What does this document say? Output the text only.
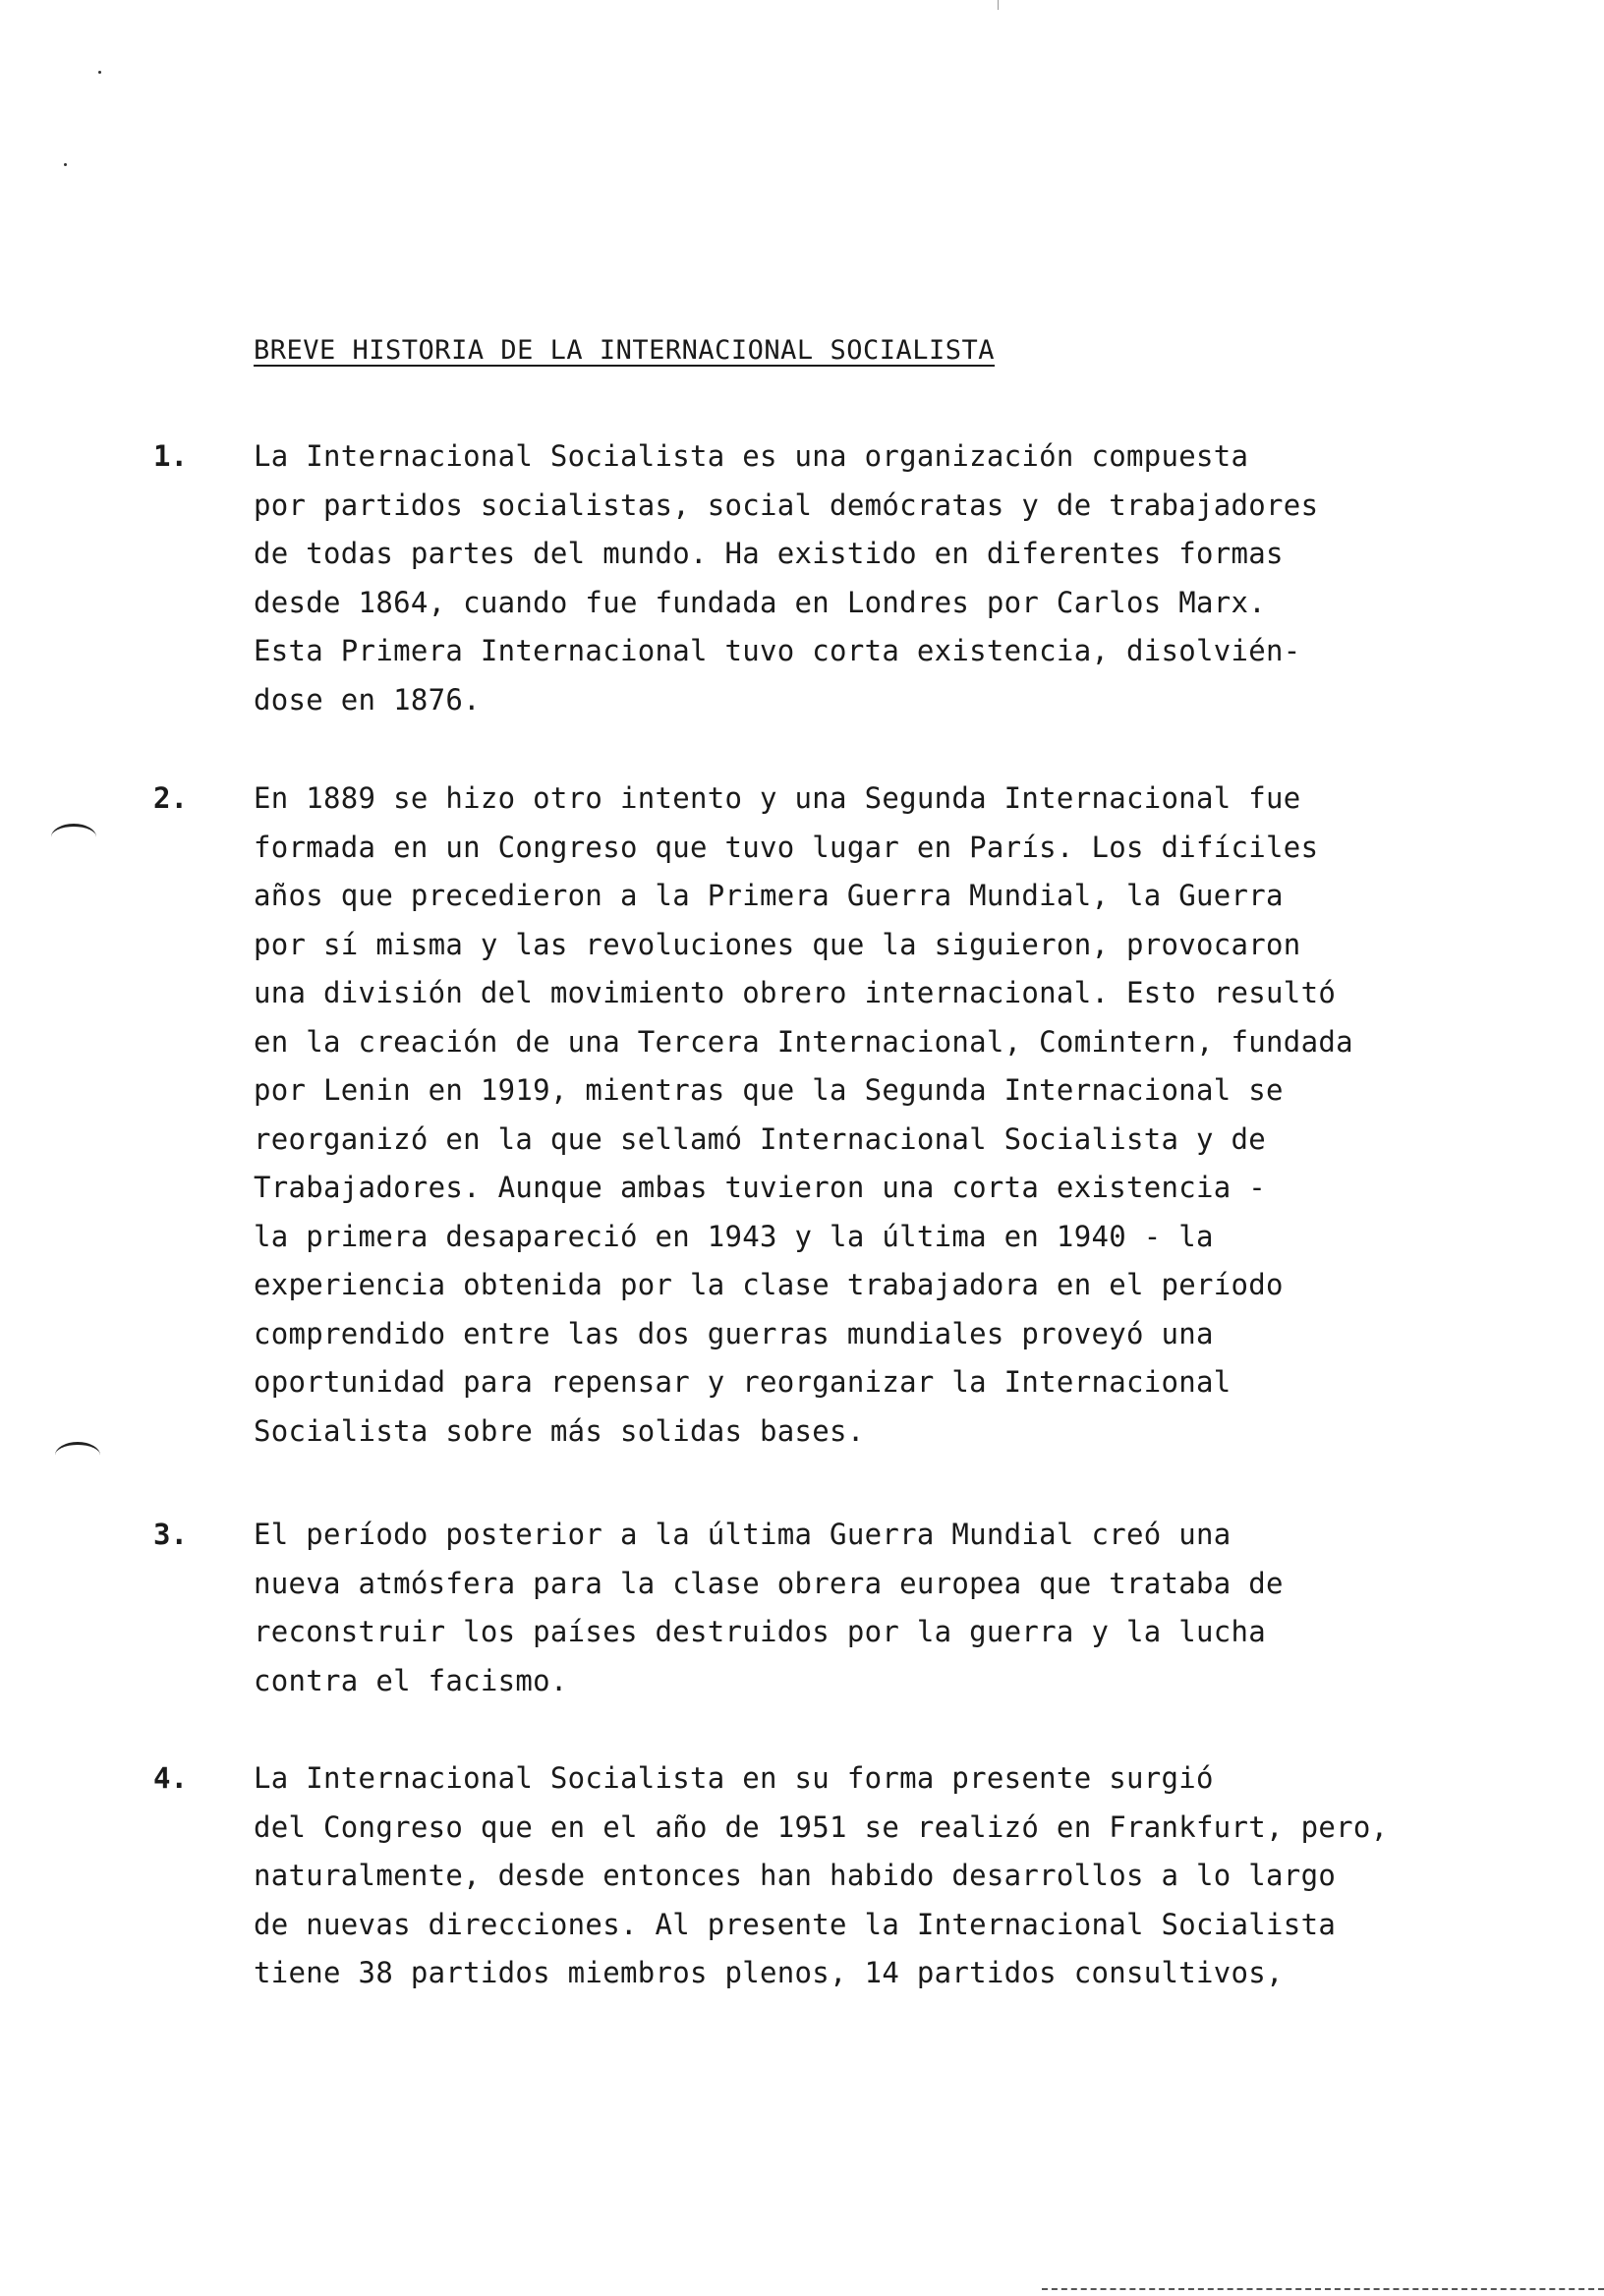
BREVE HISTORIA DE LA INTERNACIONAL SOCIALISTA
1. La Internacional Socialista es una organización compuesta
por partidos socialistas, social demócratas y de trabajadores
de todas partes del mundo. Ha existido en diferentes formas
desde 1864, cuando fue fundada en Londres por Carlos Marx.
Esta Primera Internacional tuvo corta existencia, disolvién-
dose en 1876.
2. En 1889 se hizo otro intento y una Segunda Internacional fue
formada en un Congreso que tuvo lugar en París. Los difíciles
años que precedieron a la Primera Guerra Mundial, la Guerra
por sí misma y las revoluciones que la siguieron, provocaron
una división del movimiento obrero internacional. Esto resultó
en la creación de una Tercera Internacional, Comintern, fundada
por Lenin en 1919, mientras que la Segunda Internacional se
reorganizó en la que sellamó Internacional Socialista y de
Trabajadores. Aunque ambas tuvieron una corta existencia -
la primera desapareció en 1943 y la última en 1940 - la
experiencia obtenida por la clase trabajadora en el período
comprendido entre las dos guerras mundiales proveyó una
oportunidad para repensar y reorganizar la Internacional
Socialista sobre más solidas bases.
3. El período posterior a la última Guerra Mundial creó una
nueva atmósfera para la clase obrera europea que trataba de
reconstruir los países destruidos por la guerra y la lucha
contra el facismo.
4. La Internacional Socialista en su forma presente surgió
del Congreso que en el año de 1951 se realizó en Frankfurt, pero,
naturalmente, desde entonces han habido desarrollos a lo largo
de nuevas direcciones. Al presente la Internacional Socialista
tiene 38 partidos miembros plenos, 14 partidos consultivos,
